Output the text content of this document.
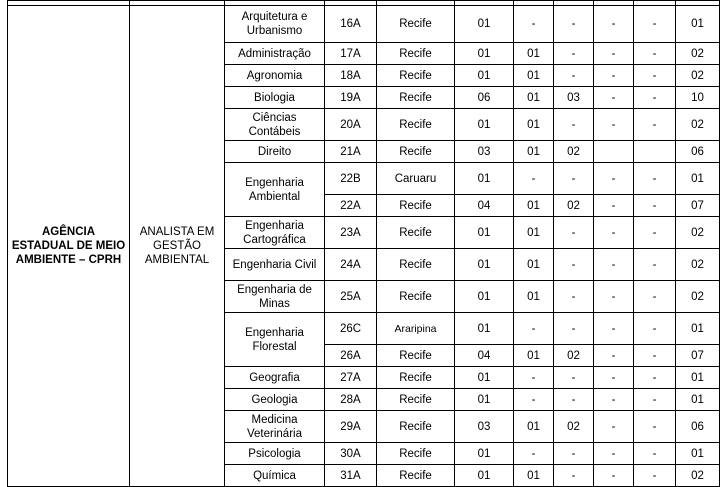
AGÊNCIA ESTADUAL DE MEIO AMBIENTE – CPRH	ANALISTA EM GESTÃO AMBIENTAL	Arquitetura e Urbanismo	16A	Recife	01	-	-	-	-	01
		Administração	17A	Recife	01	01	-	-	-	02
		Agronomia	18A	Recife	01	01	-	-	-	02
		Biologia	19A	Recife	06	01	03	-	-	10
		Ciências Contábeis	20A	Recife	01	01	-	-	-	02
		Direito	21A	Recife	03	01	02			06
		Engenharia Ambiental	22B	Caruaru	01	-	-	-	-	01
			22A	Recife	04	01	02	-	-	07
		Engenharia Cartográfica	23A	Recife	01	01	-	-	-	02
		Engenharia Civil	24A	Recife	01	01	-	-	-	02
		Engenharia de Minas	25A	Recife	01	01	-	-	-	02
		Engenharia Florestal	26C	Araripina	01	-	-	-	-	01
			26A	Recife	04	01	02	-	-	07
		Geografia	27A	Recife	01	-	-	-	-	01
		Geologia	28A	Recife	01	-	-	-	-	01
		Medicina Veterinária	29A	Recife	03	01	02	-	-	06
		Psicologia	30A	Recife	01	-	-	-	-	01
		Química	31A	Recife	01	01	-	-	-	02
